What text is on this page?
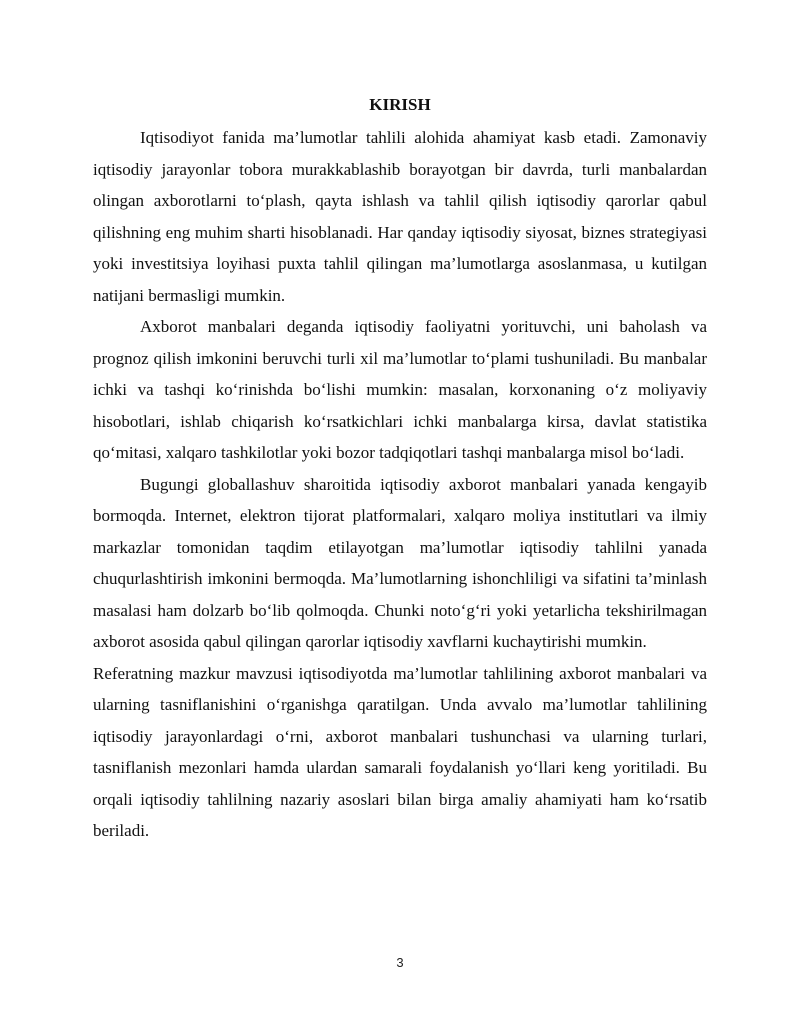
KIRISH

Iqtisodiyot fanida ma’lumotlar tahlili alohida ahamiyat kasb etadi. Zamonaviy iqtisodiy jarayonlar tobora murakkablashib borayotgan bir davrda, turli manbalardan olingan axborotlarni to‘plash, qayta ishlash va tahlil qilish iqtisodiy qarorlar qabul qilishning eng muhim sharti hisoblanadi. Har qanday iqtisodiy siyosat, biznes strategiyasi yoki investitsiya loyihasi puxta tahlil qilingan ma’lumotlarga asoslanmasa, u kutilgan natijani bermasligi mumkin.

Axborot manbalari deganda iqtisodiy faoliyatni yorituvchi, uni baholash va prognoz qilish imkonini beruvchi turli xil ma’lumotlar to‘plami tushuniladi. Bu manbalar ichki va tashqi ko‘rinishda bo‘lishi mumkin: masalan, korxonaning o‘z moliyaviy hisobotlari, ishlab chiqarish ko‘rsatkichlari ichki manbalarga kirsa, davlat statistika qo‘mitasi, xalqaro tashkilotlar yoki bozor tadqiqotlari tashqi manbalarga misol bo‘ladi.

Bugungi globallashuv sharoitida iqtisodiy axborot manbalari yanada kengayib bormoqda. Internet, elektron tijorat platformalari, xalqaro moliya institutlari va ilmiy markazlar tomonidan taqdim etilayotgan ma’lumotlar iqtisodiy tahlilni yanada chuqurlashtirish imkonini bermoqda. Ma’lumotlarning ishonchliligi va sifatini ta’minlash masalasi ham dolzarb bo‘lib qolmoqda. Chunki noto‘g‘ri yoki yetarlicha tekshirilmagan axborot asosida qabul qilingan qarorlar iqtisodiy xavflarni kuchaytirishi mumkin.

Referatning mazkur mavzusi iqtisodiyotda ma’lumotlar tahlilining axborot manbalari va ularning tasniflanishini o‘rganishga qaratilgan. Unda avvalo ma’lumotlar tahlilining iqtisodiy jarayonlardagi o‘rni, axborot manbalari tushunchasi va ularning turlari, tasniflanish mezonlari hamda ulardan samarali foydalanish yo‘llari keng yoritiladi. Bu orqali iqtisodiy tahlilning nazariy asoslari bilan birga amaliy ahamiyati ham ko‘rsatib beriladi.

3
